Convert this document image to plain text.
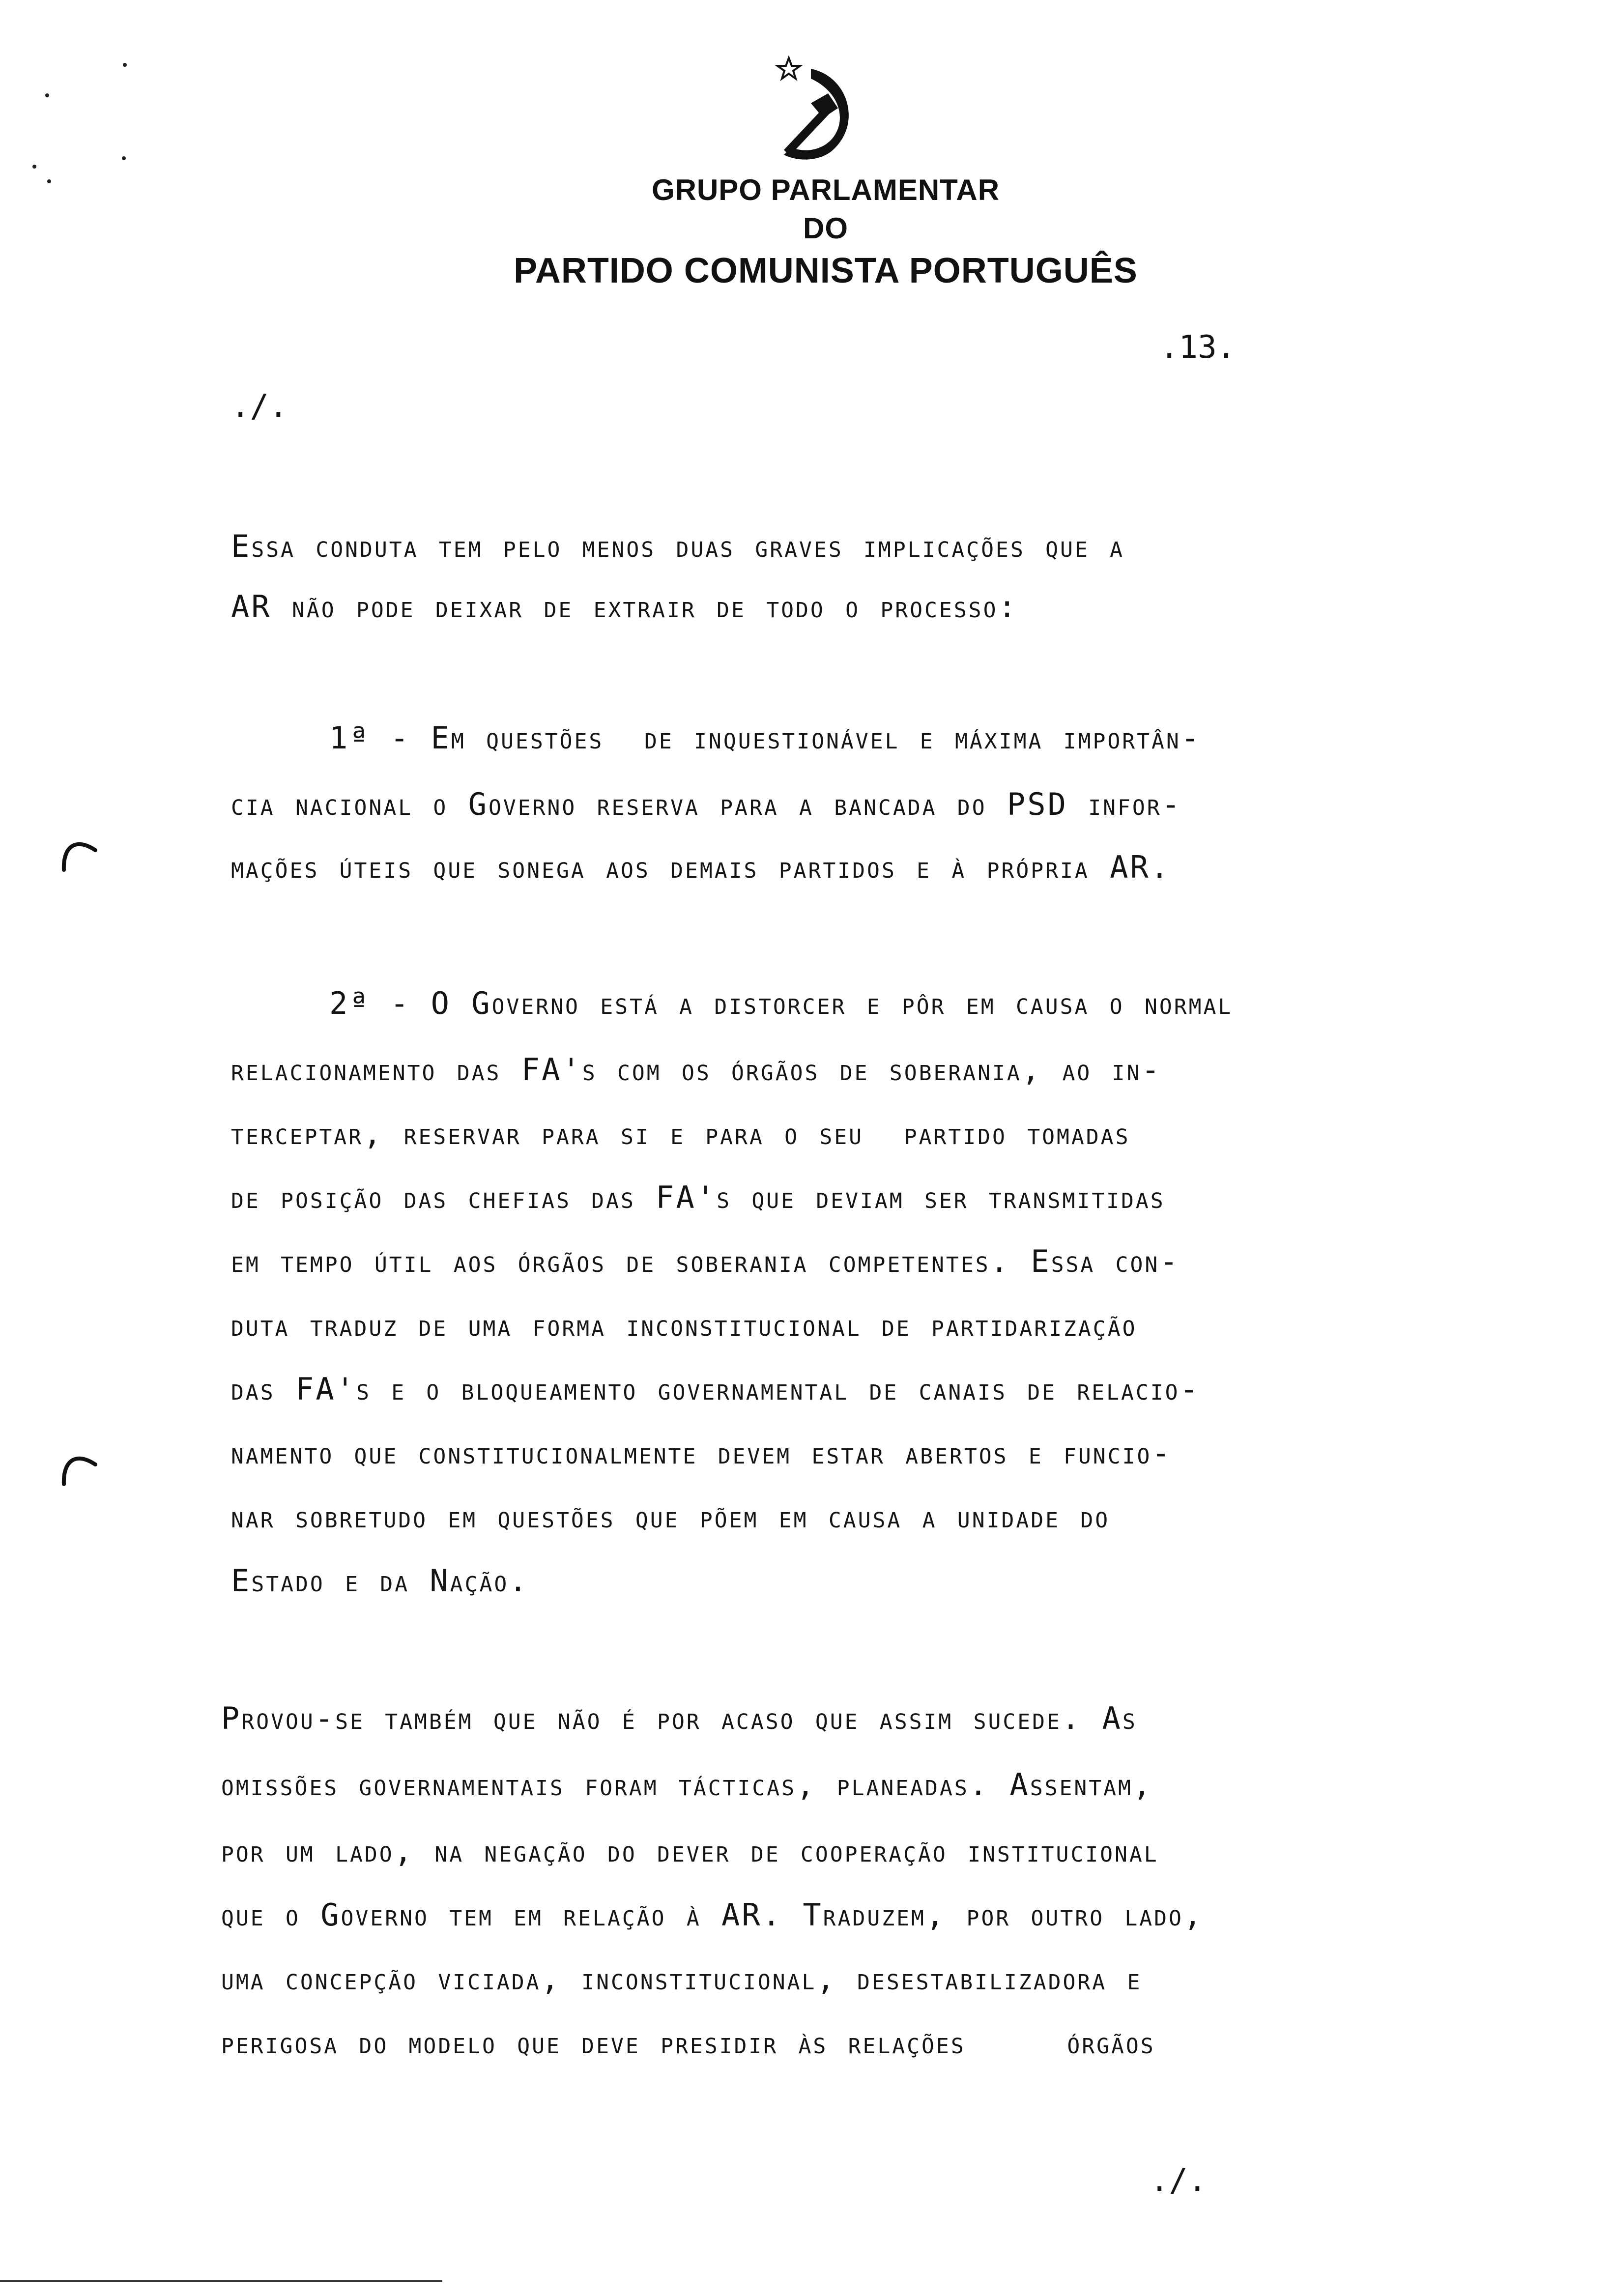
GRUPO PARLAMENTAR
DO
PARTIDO COMUNISTA PORTUGUÊS
.13.
./.
Essa conduta tem pelo menos duas graves implicações que a
AR não pode deixar de extrair de todo o processo:
1ª - Em questões  de inquestionável e máxima importân-
cia nacional o Governo reserva para a bancada do PSD infor-
mações úteis que sonega aos demais partidos e à própria AR.
2ª - O Governo está a distorcer e pôr em causa o normal
relacionamento das FA's com os órgãos de soberania, ao in-
terceptar, reservar para si e para o seu  partido tomadas
de posição das chefias das FA's que deviam ser transmitidas
em tempo útil aos órgãos de soberania competentes. Essa con-
duta traduz de uma forma inconstitucional de partidarização
das FA's e o bloqueamento governamental de canais de relacio-
namento que constitucionalmente devem estar abertos e funcio-
nar sobretudo em questões que põem em causa a unidade do
Estado e da Nação.
Provou-se também que não é por acaso que assim sucede. As
omissões governamentais foram tácticas, planeadas. Assentam,
por um lado, na negação do dever de cooperação institucional
que o Governo tem em relação à AR. Traduzem, por outro lado,
uma concepção viciada, inconstitucional, desestabilizadora e
perigosa do modelo que deve presidir às relações     órgãos
./.
